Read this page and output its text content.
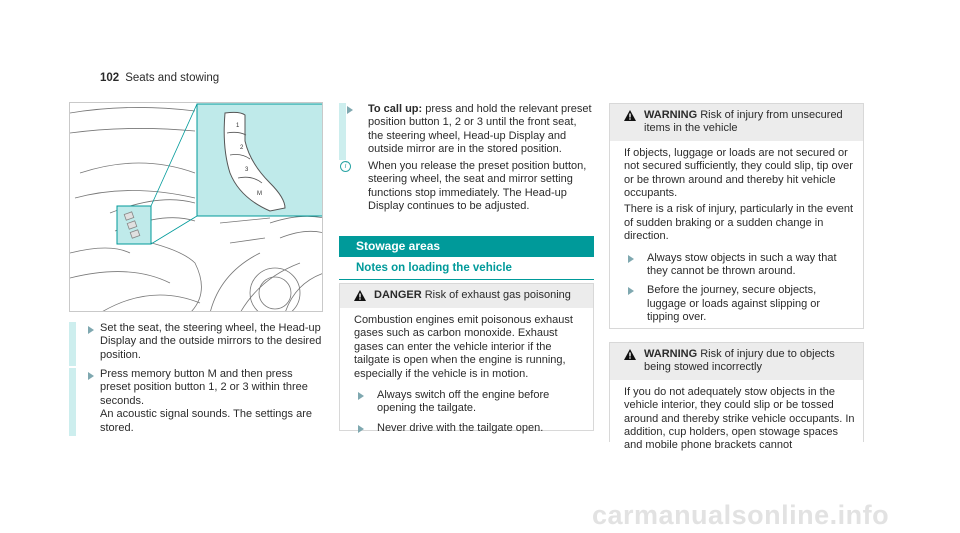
102 Seats and stowing
1
2
3
M

Set the seat, the steering wheel, the Head-up Display and the outside mirrors to the desired position.

Press memory button M and then press preset position button 1, 2 or 3 within three seconds.

An acoustic signal sounds. The settings are stored.

To call up: press and hold the relevant preset position button 1, 2 or 3 until the front seat, the steering wheel, Head-up Display and outside mirror are in the stored position.

i	When you release the preset position button, steering wheel, the seat and mirror setting functions stop immediately. The Head-up Display continues to be adjusted.

Stowage areas
Notes on loading the vehicle
DANGER Risk of exhaust gas poisoning

Combustion engines emit poisonous exhaust gases such as carbon monoxide. Exhaust gases can enter the vehicle interior if the tailgate is open when the engine is running, especially if the vehicle is in motion.

Always switch off the engine before opening the tailgate.

Never drive with the tailgate open.

WARNING Risk of injury from unsecured items in the vehicle

If objects, luggage or loads are not secured or not secured sufficiently, they could slip, tip over or be thrown around and thereby hit vehicle occupants.

There is a risk of injury, particularly in the event of sudden braking or a sudden change in direction.

Always stow objects in such a way that they cannot be thrown around.

Before the journey, secure objects, luggage or loads against slipping or tipping over.

WARNING Risk of injury due to objects being stowed incorrectly

If you do not adequately stow objects in the vehicle interior, they could slip or be tossed around and thereby strike vehicle occupants. In addition, cup holders, open stowage spaces and mobile phone brackets cannot

carmanualsonline.info
